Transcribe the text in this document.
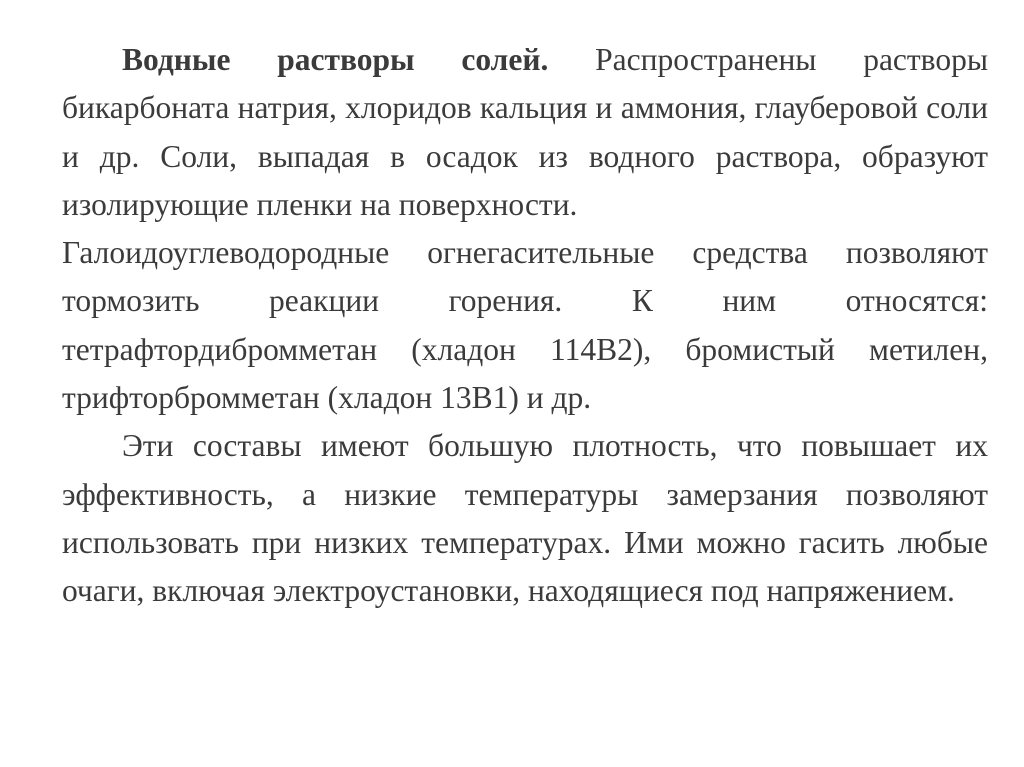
Водные растворы солей. Распространены растворы бикарбоната натрия, хлоридов кальция и аммония, глауберовой соли и др. Соли, выпадая в осадок из водного раствора, образуют изолирующие пленки на поверхности.

Галоидоуглеводородные огнегасительные средства позволяют тормозить реакции горения. К ним относятся: тетрафтордибромметан (хладон 114В2), бромистый метилен, трифторбромметан (хладон 13В1) и др.

Эти составы имеют большую плотность, что повышает их эффективность, а низкие температуры замерзания позволяют использовать при низких температурах. Ими можно гасить любые очаги, включая электроустановки, находящиеся под напряжением.
